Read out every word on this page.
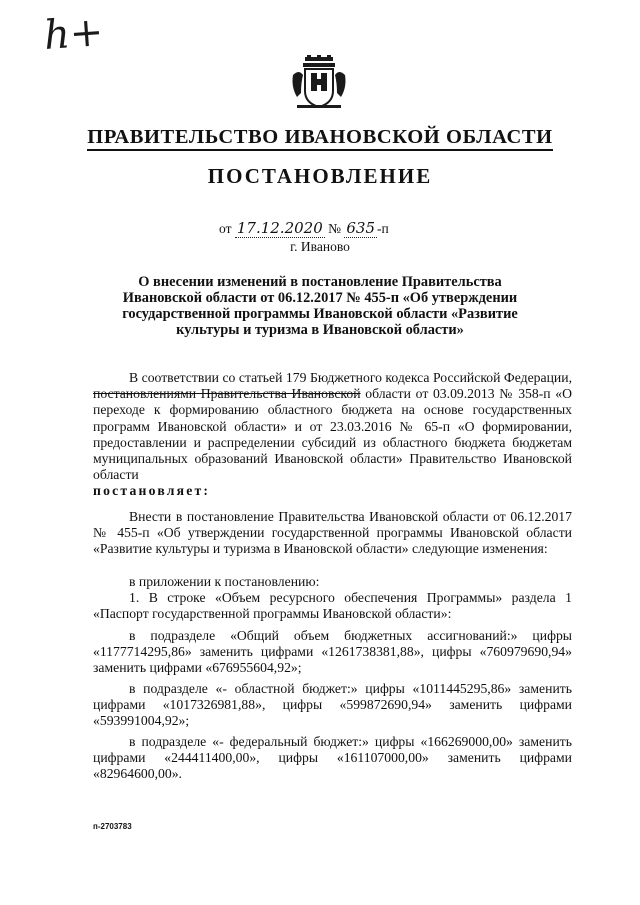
h+
ПРАВИТЕЛЬСТВО ИВАНОВСКОЙ ОБЛАСТИ
ПОСТАНОВЛЕНИЕ
от 17.12.2020 № 635 -п
г. Иваново
О внесении изменений в постановление Правительства Ивановской области от 06.12.2017 № 455-п «Об утверждении государственной программы Ивановской области «Развитие культуры и туризма в Ивановской области»
В соответствии со статьей 179 Бюджетного кодекса Российской Федерации, постановлениями Правительства Ивановской области от 03.09.2013 № 358-п «О переходе к формированию областного бюджета на основе государственных программ Ивановской области» и от 23.03.2016 № 65-п «О формировании, предоставлении и распределении субсидий из областного бюджета бюджетам муниципальных образований Ивановской области» Правительство Ивановской области
постановляет:
Внести в постановление Правительства Ивановской области от 06.12.2017 № 455-п «Об утверждении государственной программы Ивановской области «Развитие культуры и туризма в Ивановской области» следующие изменения:
в приложении к постановлению:
1. В строке «Объем ресурсного обеспечения Программы» раздела 1 «Паспорт государственной программы Ивановской области»:
в подразделе «Общий объем бюджетных ассигнований:» цифры «1177714295,86» заменить цифрами «1261738381,88», цифры «760979690,94» заменить цифрами «676955604,92»;
в подразделе «- областной бюджет:» цифры «1011445295,86» заменить цифрами «1017326981,88», цифры «599872690,94» заменить цифрами «593991004,92»;
в подразделе «- федеральный бюджет:» цифры «166269000,00» заменить цифрами «244411400,00», цифры «161107000,00» заменить цифрами «82964600,00».
п-2703783
